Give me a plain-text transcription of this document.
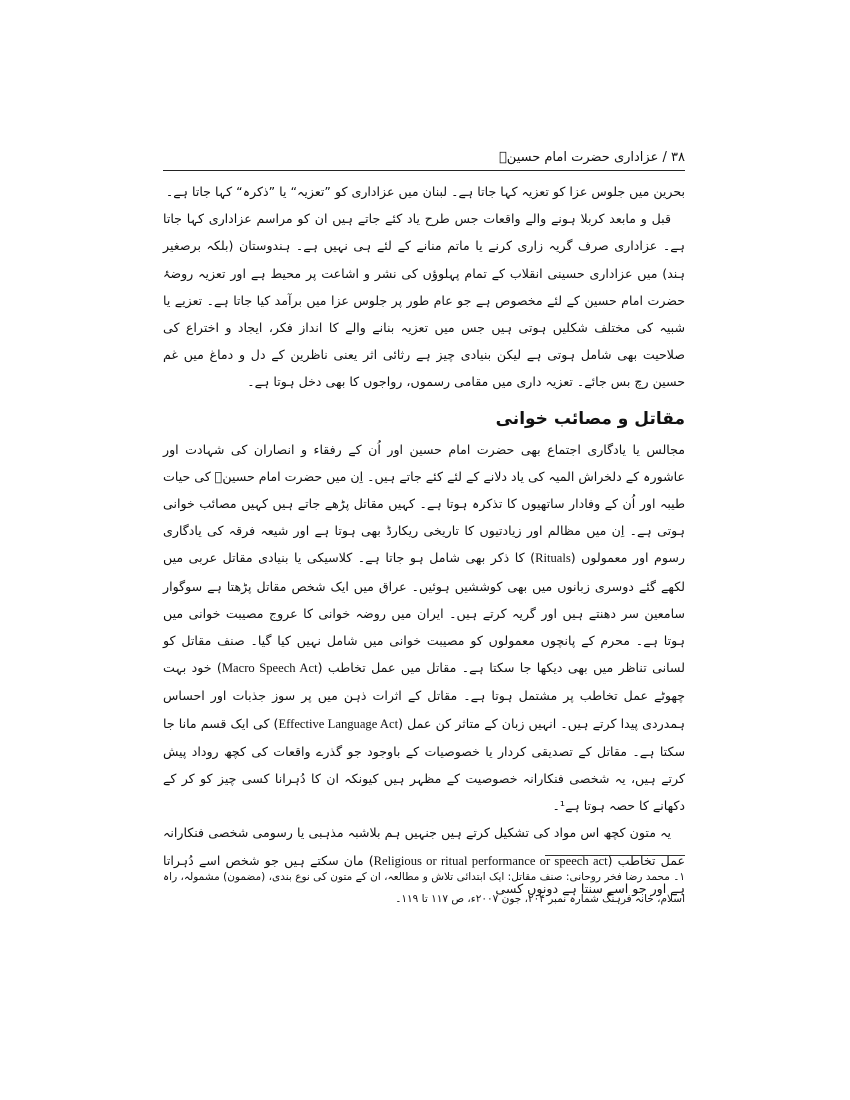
۳۸ / عزاداری حضرت امام حسینؑ

بحرین میں جلوس عزا کو تعزیہ کہا جاتا ہے۔ لبنان میں عزاداری کو ”تعزیہ“ یا ”ذکرہ“ کہا جاتا ہے۔

قبل و مابعد کربلا ہونے والے واقعات جس طرح یاد کئے جاتے ہیں ان کو مراسم عزاداری کہا جاتا ہے۔ عزاداری صرف گریہ زاری کرنے یا ماتم منانے کے لئے ہی نہیں ہے۔ ہندوستان (بلکہ برصغیر ہند) میں عزاداری حسینی انقلاب کے تمام پہلوؤں کی نشر و اشاعت پر محیط ہے اور تعزیہ روضۂ حضرت امام حسین کے لئے مخصوص ہے جو عام طور پر جلوس عزا میں برآمد کیا جاتا ہے۔ تعزیے یا شبیہ کی مختلف شکلیں ہوتی ہیں جس میں تعزیہ بنانے والے کا انداز فکر، ایجاد و اختراع کی صلاحیت بھی شامل ہوتی ہے لیکن بنیادی چیز ہے رثائی اثر یعنی ناظرین کے دل و دماغ میں غم حسین رچ بس جائے۔ تعزیہ داری میں مقامی رسموں، رواجوں کا بھی دخل ہوتا ہے۔

مقاتل و مصائب خوانی

مجالس یا یادگاری اجتماع بھی حضرت امام حسین اور اُن کے رفقاء و انصاران کی شہادت اور عاشورہ کے دلخراش المیہ کی یاد دلانے کے لئے کئے جاتے ہیں۔ اِن میں حضرت امام حسینؑ کی حیات طیبہ اور اُن کے وفادار ساتھیوں کا تذکرہ ہوتا ہے۔ کہیں مقاتل پڑھے جاتے ہیں کہیں مصائب خوانی ہوتی ہے۔ اِن میں مظالم اور زیادتیوں کا تاریخی ریکارڈ بھی ہوتا ہے اور شیعہ فرقہ کی یادگاری رسوم اور معمولوں (Rituals) کا ذکر بھی شامل ہو جاتا ہے۔ کلاسیکی یا بنیادی مقاتل عربی میں لکھے گئے دوسری زبانوں میں بھی کوششیں ہوئیں۔ عراق میں ایک شخص مقاتل پڑھتا ہے سوگوار سامعین سر دھنتے ہیں اور گریہ کرتے ہیں۔ ایران میں روضہ خوانی کا عروج مصیبت خوانی میں ہوتا ہے۔ محرم کے پانچوں معمولوں کو مصیبت خوانی میں شامل نہیں کیا گیا۔ صنف مقاتل کو لسانی تناظر میں بھی دیکھا جا سکتا ہے۔ مقاتل میں عمل تخاطب (Macro Speech Act) خود بہت چھوٹے عمل تخاطب پر مشتمل ہوتا ہے۔ مقاتل کے اثرات ذہن میں پر سوز جذبات اور احساس ہمدردی پیدا کرتے ہیں۔ انہیں زبان کے متاثر کن عمل (Effective Language Act) کی ایک قسم مانا جا سکتا ہے۔ مقاتل کے تصدیقی کردار یا خصوصیات کے باوجود جو گذرے واقعات کی کچھ روداد پیش کرتے ہیں، یہ شخصی فنکارانہ خصوصیت کے مظہر ہیں کیونکہ ان کا دُہرانا کسی چیز کو کر کے دکھانے کا حصہ ہوتا ہے¹۔

یہ متون کچھ اس مواد کی تشکیل کرتے ہیں جنہیں ہم بلاشبہ مذہبی یا رسومی شخصی فنکارانہ عمل تخاطب (Religious or ritual performance or speech act) مان سکتے ہیں جو شخص اسے دُہراتا ہے اور جو اسے سنتا ہے دونوں کسی

۱۔ محمد رضا فخر روحانی: صنف مقاتل: ایک ابتدائی تلاش و مطالعہ، ان کے متون کی نوع بندی، (مضمون) مشمولہ، راہ اسلام، خانہ فرہنگ شمارہ نمبر ۲۰۴، جون ۲۰۰۷ء، ص ۱۱۷ تا ۱۱۹۔
